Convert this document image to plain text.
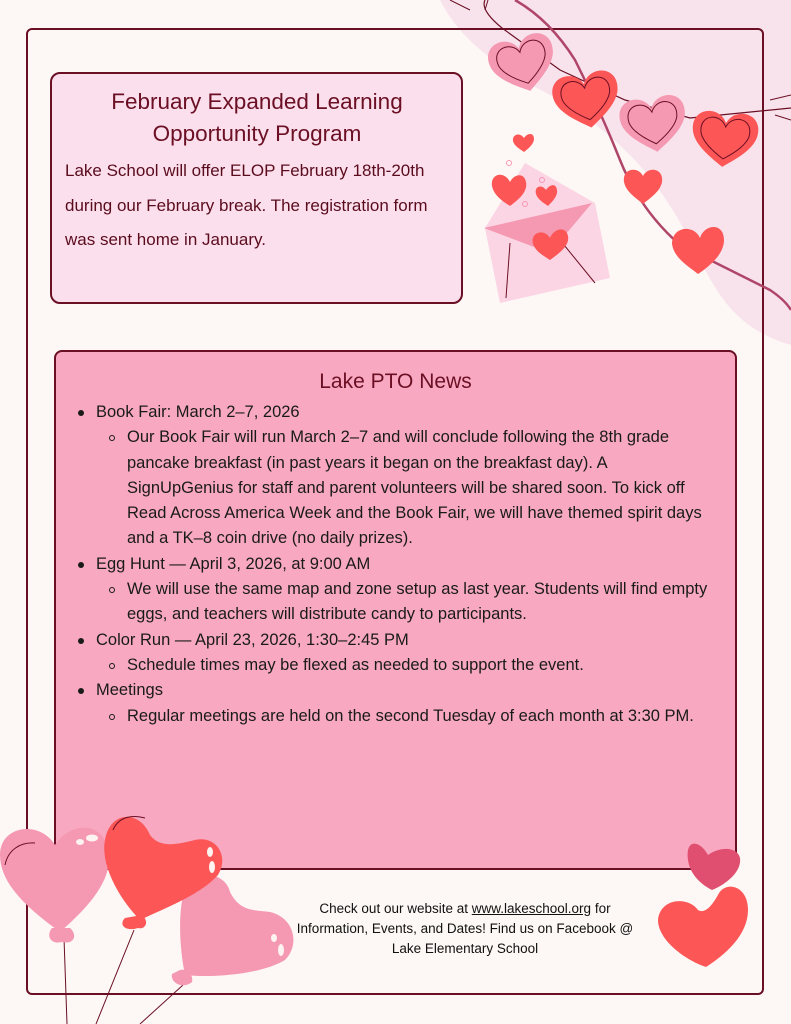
February Expanded Learning Opportunity Program

Lake School will offer ELOP February 18th-20th during our February break. The registration form was sent home in January.

Lake PTO News
Book Fair: March 2–7, 2026
Our Book Fair will run March 2–7 and will conclude following the 8th grade pancake breakfast (in past years it began on the breakfast day). A SignUpGenius for staff and parent volunteers will be shared soon. To kick off Read Across America Week and the Book Fair, we will have themed spirit days and a TK–8 coin drive (no daily prizes).
Egg Hunt — April 3, 2026, at 9:00 AM
We will use the same map and zone setup as last year. Students will find empty eggs, and teachers will distribute candy to participants.
Color Run — April 23, 2026, 1:30–2:45 PM
Schedule times may be flexed as needed to support the event.
Meetings
Regular meetings are held on the second Tuesday of each month at 3:30 PM.
Check out our website at www.lakeschool.org for Information, Events, and Dates! Find us on Facebook @ Lake Elementary School
